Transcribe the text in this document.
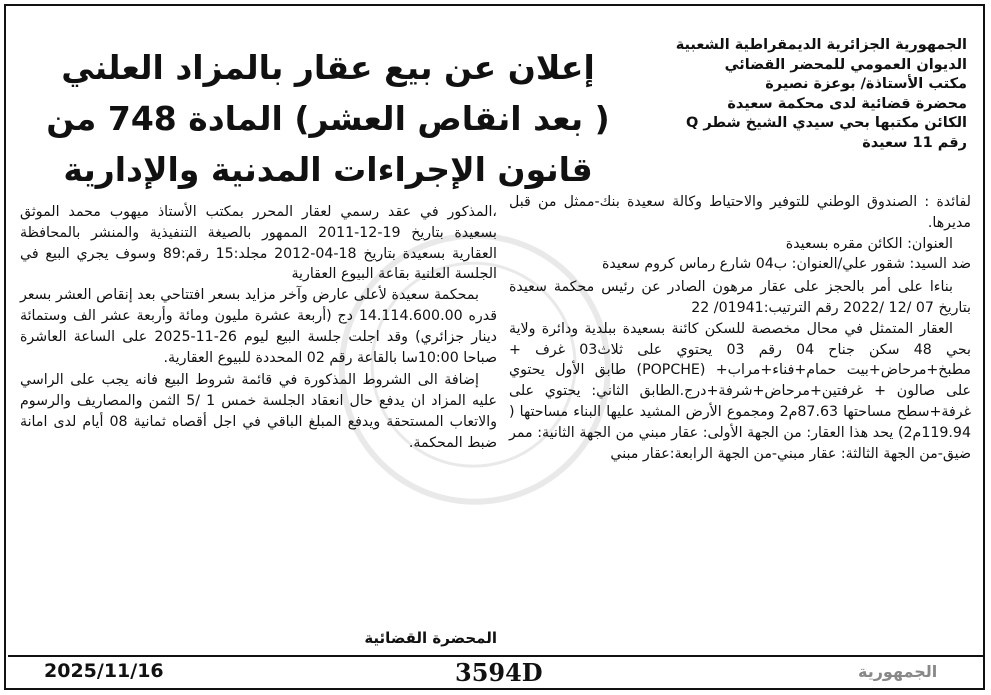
الجمهورية الجزائرية الديمقراطية الشعبية
الديوان العمومي للمحضر القضائي
مكتب الأستاذة/ بوعزة نصيرة
محضرة قضائية لدى محكمة سعيدة
الكائن مكتبها بحي سيدي الشيخ شطر Q
رقم 11 سعيدة
إعلان عن بيع عقار بالمزاد العلني
( بعد انقاص العشر) المادة 748 من
قانون الإجراءات المدنية والإدارية

لفائدة : الصندوق الوطني للتوفير والاحتياط وكالة سعيدة بنك-ممثل من قبل مديرها.

العنوان: الكائن مقره بسعيدة

ضد السيد: شقور علي/العنوان: ب04 شارع رماس كروم سعيدة

بناءا على أمر بالحجز على عقار مرهون الصادر عن رئيس محكمة سعيدة بتاريخ 07 /12 /2022 رقم الترتيب:01941/ 22

العقار المتمثل في محال مخصصة للسكن كائنة بسعيدة ببلدية ودائرة ولاية بحي 48 سكن جناح 04 رقم 03 يحتوي على ثلاث03 غرف + مطبخ+مرحاض+بيت حمام+فناء+مراب+ (POPCHE) طابق الأول يحتوي على صالون + غرفتين+مرحاض+شرفة+درج.الطابق الثاني: يحتوي على غرفة+سطح مساحتها 87.63م2 ومجموع الأرض المشيد عليها البناء مساحتها ( 119.94م2) يحد هذا العقار: من الجهة الأولى: عقار مبني من الجهة الثانية: ممر ضيق-من الجهة الثالثة: عقار مبني-من الجهة الرابعة:عقار مبني

،المذكور في عقد رسمي لعقار المحرر بمكتب الأستاذ ميهوب محمد الموثق بسعيدة بتاريخ 19-12-2011 الممهور بالصيغة التنفيذية والمنشر بالمحافظة العقارية بسعيدة بتاريخ 18-04-2012 مجلد:15 رقم:89 وسوف يجري البيع في الجلسة العلنية بقاعة البيوع العقارية

بمحكمة سعيدة لأعلى عارض وآخر مزايد بسعر افتتاحي بعد إنقاص العشر بسعر قدره 14.114.600.00 دج (أربعة عشرة مليون ومائة وأربعة عشر الف وستمائة دينار جزائري) وقد اجلت جلسة البيع ليوم 26-11-2025 على الساعة العاشرة صباحا 10:00سا بالقاعة رقم 02 المحددة للبيوع العقارية.

إضافة الى الشروط المذكورة في قائمة شروط البيع فانه يجب على الراسي عليه المزاد ان يدفع حال انعقاد الجلسة خمس 1 /5 الثمن والمصاريف والرسوم والاتعاب المستحقة ويدفع المبلغ الباقي في اجل أقصاه ثمانية 08 أيام لدى امانة ضبط المحكمة.

المحضرة القضائية
2025/11/16	3594D	الجمهورية
